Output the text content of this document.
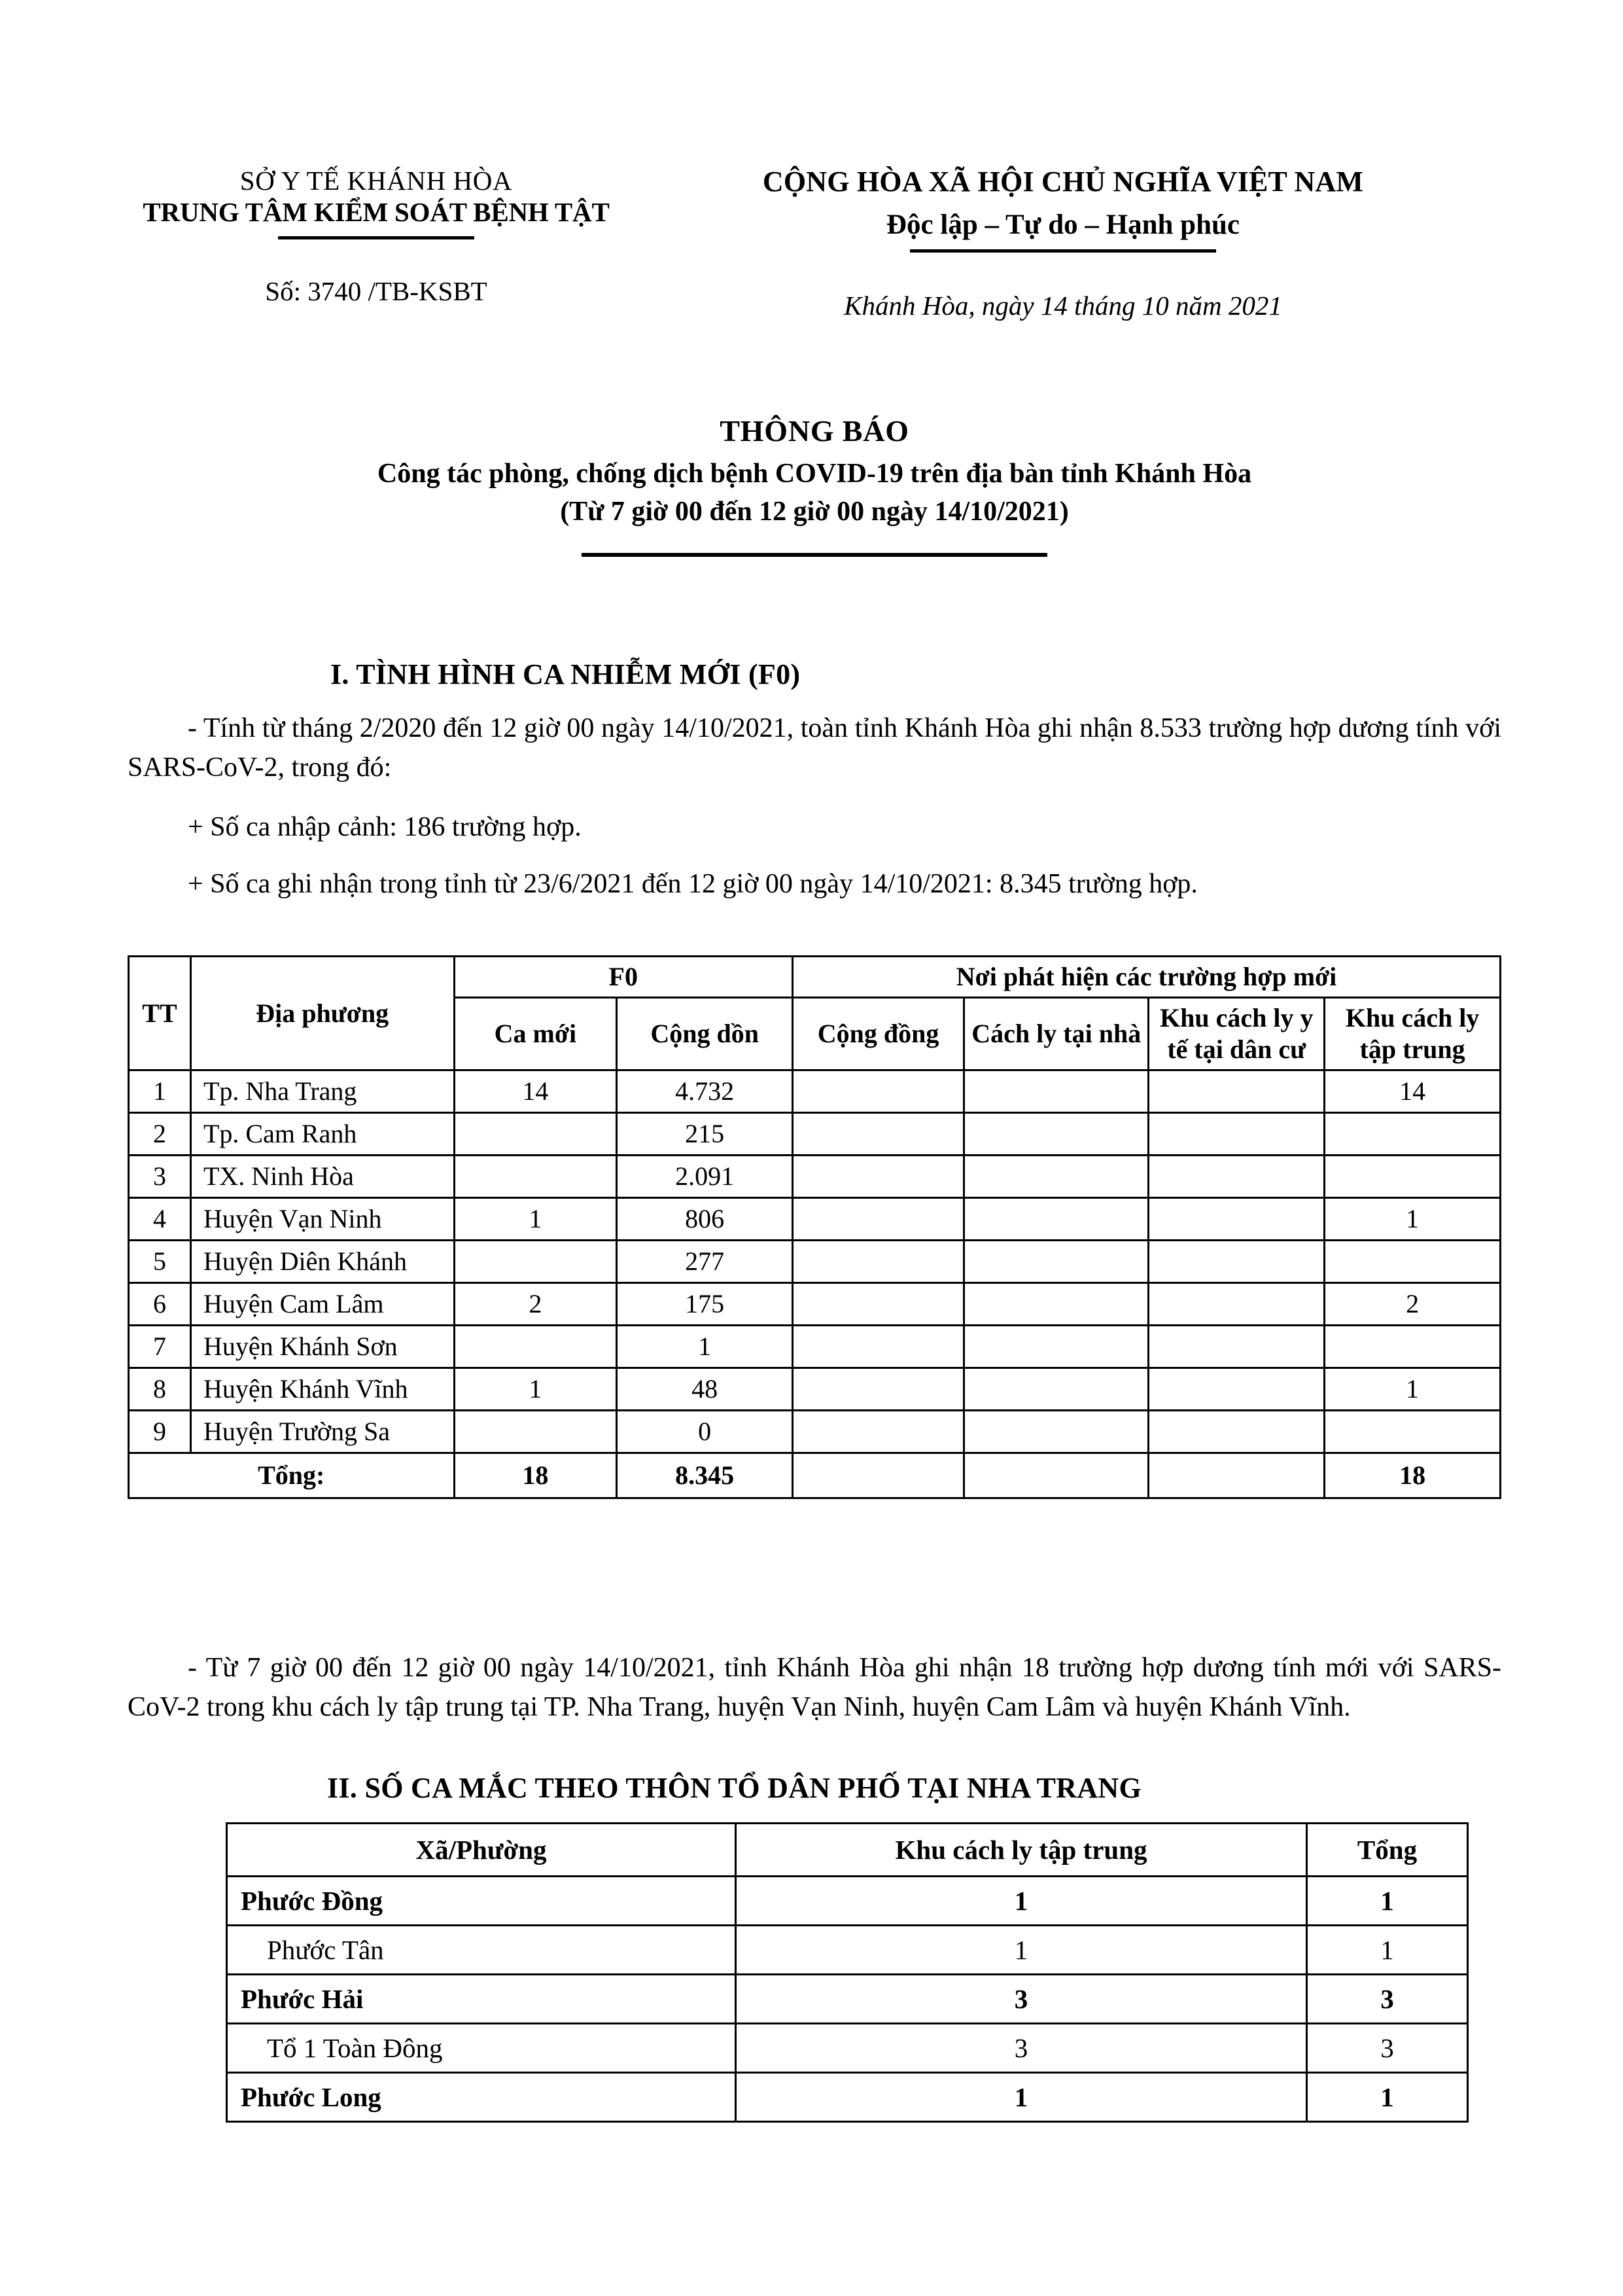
SỞ Y TẾ KHÁNH HÒA
TRUNG TÂM KIỂM SOÁT BỆNH TẬT
Số: 3740 /TB-KSBT
CỘNG HÒA XÃ HỘI CHỦ NGHĨA VIỆT NAM
Độc lập – Tự do – Hạnh phúc
Khánh Hòa, ngày 14 tháng 10 năm 2021
THÔNG BÁO
Công tác phòng, chống dịch bệnh COVID-19 trên địa bàn tỉnh Khánh Hòa
(Từ 7 giờ 00 đến 12 giờ 00 ngày 14/10/2021)
I. TÌNH HÌNH CA NHIỄM MỚI (F0)
- Tính từ tháng 2/2020 đến 12 giờ 00 ngày 14/10/2021, toàn tỉnh Khánh Hòa ghi nhận 8.533 trường hợp dương tính với SARS-CoV-2, trong đó:
+ Số ca nhập cảnh: 186 trường hợp.
+ Số ca ghi nhận trong tỉnh từ 23/6/2021 đến 12 giờ 00 ngày 14/10/2021: 8.345 trường hợp.
TT	Địa phương	F0		Nơi phát hiện các trường hợp mới			
		Ca mới	Cộng dồn	Cộng đồng	Cách ly tại nhà	Khu cách ly y tế tại dân cư	Khu cách ly tập trung

1	Tp. Nha Trang	14	4.732				14
2	Tp. Cam Ranh		215				
3	TX. Ninh Hòa		2.091				
4	Huyện Vạn Ninh	1	806				1
5	Huyện Diên Khánh		277				
6	Huyện Cam Lâm	2	175				2
7	Huyện Khánh Sơn		1				
8	Huyện Khánh Vĩnh	1	48				1
9	Huyện Trường Sa		0				
Tổng:		18	8.345				18
- Từ 7 giờ 00 đến 12 giờ 00 ngày 14/10/2021, tỉnh Khánh Hòa ghi nhận 18 trường hợp dương tính mới với SARS-CoV-2 trong khu cách ly tập trung tại TP. Nha Trang, huyện Vạn Ninh, huyện Cam Lâm và huyện Khánh Vĩnh.
II. SỐ CA MẮC THEO THÔN TỔ DÂN PHỐ TẠI NHA TRANG
Xã/Phường	Khu cách ly tập trung	Tổng
Phước Đồng	1	1
Phước Tân	1	1
Phước Hải	3	3
Tổ 1 Toàn Đông	3	3
Phước Long	1	1
